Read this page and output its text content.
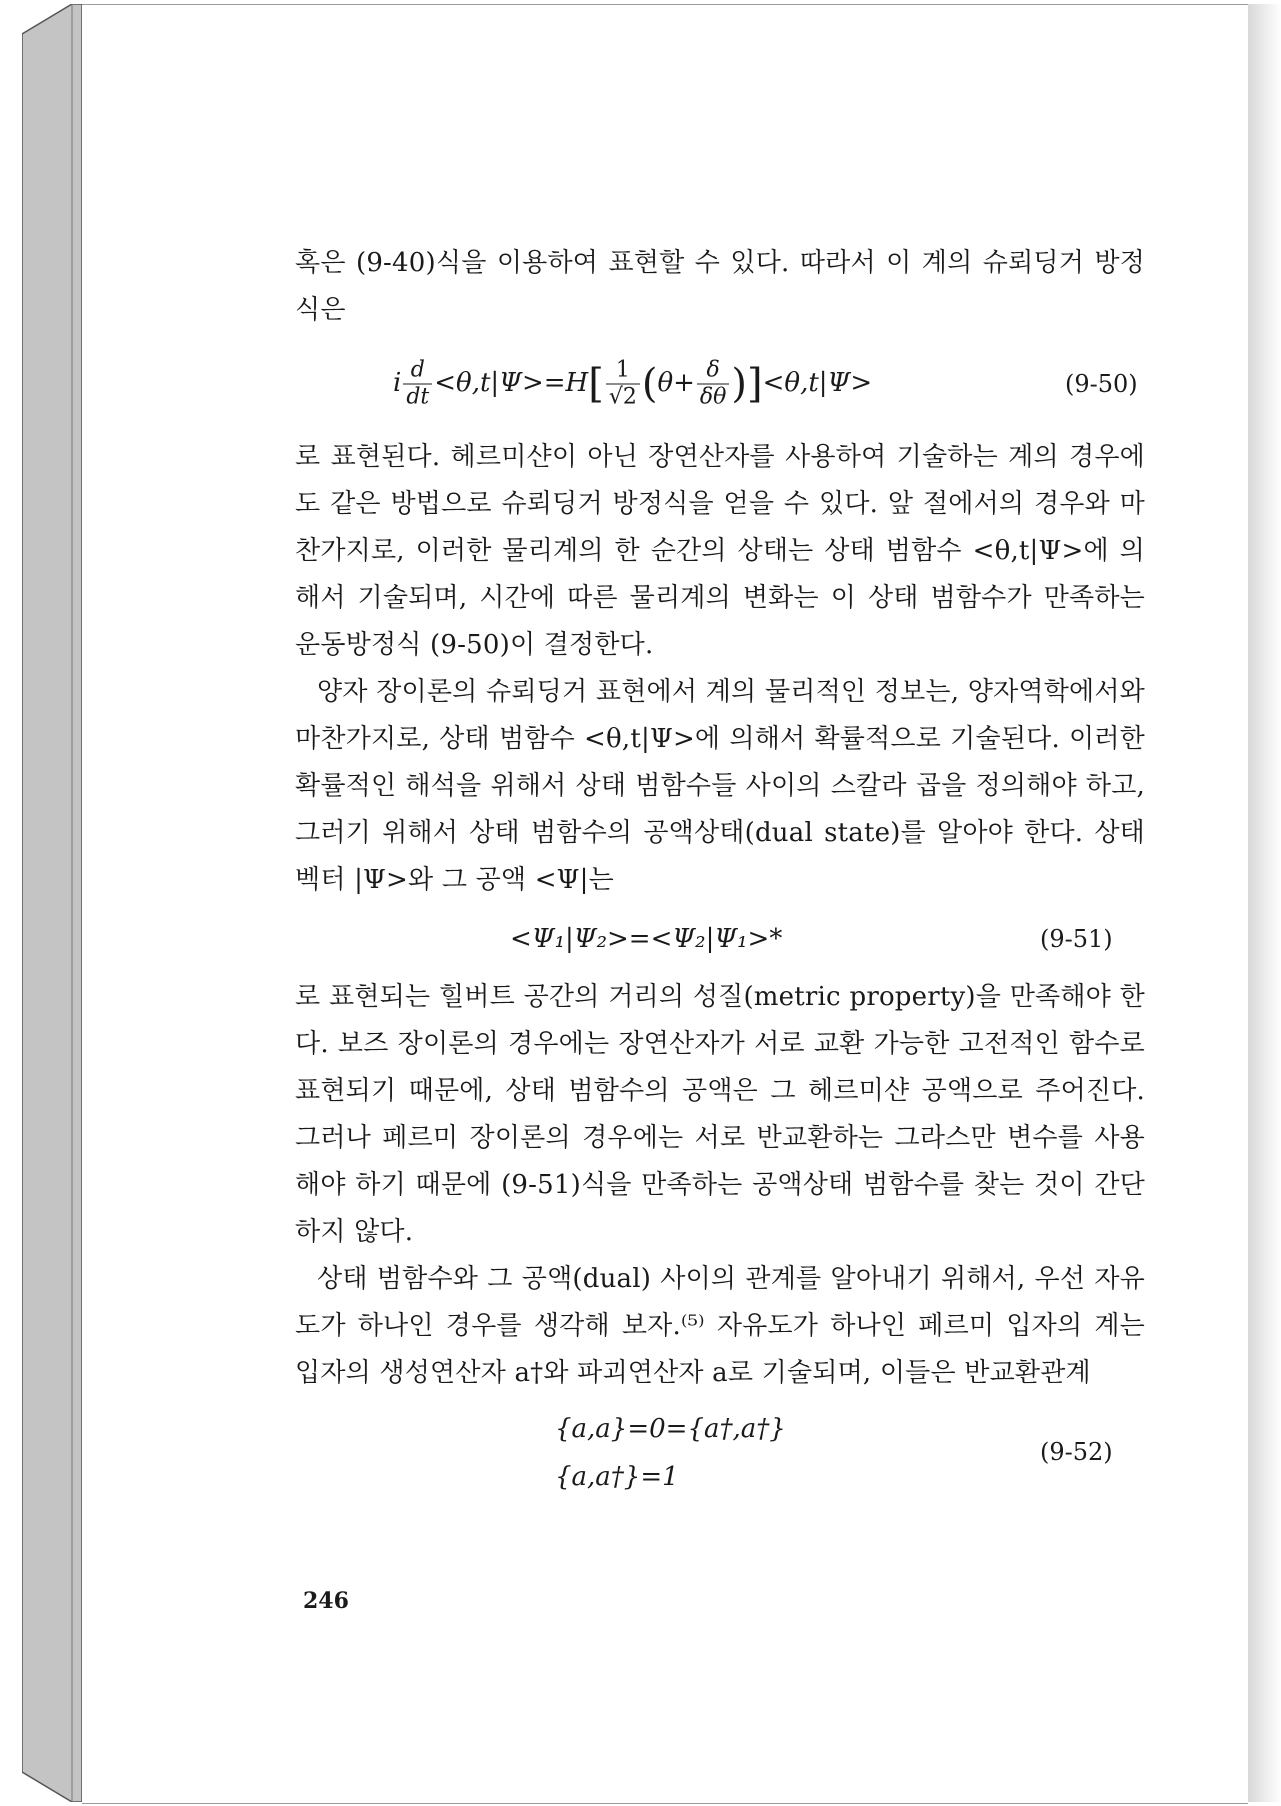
혹은 (9-40)식을 이용하여 표현할 수 있다. 따라서 이 계의 슈뢰딩거 방정식은

i $\frac{d}{dt} <\theta,t|\Psi>=H[ \frac{1}{√2} (\theta+ \frac{\delta}{\delta\theta} )]<\theta,t|\Psi>$	(9-50)

로 표현된다. 헤르미샨이 아닌 장연산자를 사용하여 기술하는 계의 경우에도 같은 방법으로 슈뢰딩거 방정식을 얻을 수 있다. 앞 절에서의 경우와 마찬가지로, 이러한 물리계의 한 순간의 상태는 상태 범함수 <θ,t|Ψ>에 의해서 기술되며, 시간에 따른 물리계의 변화는 이 상태 범함수가 만족하는 운동방정식 (9-50)이 결정한다.

양자 장이론의 슈뢰딩거 표현에서 계의 물리적인 정보는, 양자역학에서와 마찬가지로, 상태 범함수 <θ,t|Ψ>에 의해서 확률적으로 기술된다. 이러한 확률적인 해석을 위해서 상태 범함수들 사이의 스칼라 곱을 정의해야 하고, 그러기 위해서 상태 범함수의 공액상태(dual state)를 알아야 한다. 상태 벡터 |Ψ>와 그 공액 <Ψ|는

<Ψ₁|Ψ₂>=<Ψ₂|Ψ₁>*	(9-51)

로 표현되는 힐버트 공간의 거리의 성질(metric property)을 만족해야 한다. 보즈 장이론의 경우에는 장연산자가 서로 교환 가능한 고전적인 함수로 표현되기 때문에, 상태 범함수의 공액은 그 헤르미샨 공액으로 주어진다. 그러나 페르미 장이론의 경우에는 서로 반교환하는 그라스만 변수를 사용해야 하기 때문에 (9-51)식을 만족하는 공액상태 범함수를 찾는 것이 간단하지 않다.

상태 범함수와 그 공액(dual) 사이의 관계를 알아내기 위해서, 우선 자유도가 하나인 경우를 생각해 보자.⁽⁵⁾ 자유도가 하나인 페르미 입자의 계는 입자의 생성연산자 a†와 파괴연산자 a로 기술되며, 이들은 반교환관계

{a,a}=0={a†,a†}
{a,a†}=1
(9-52)
246
